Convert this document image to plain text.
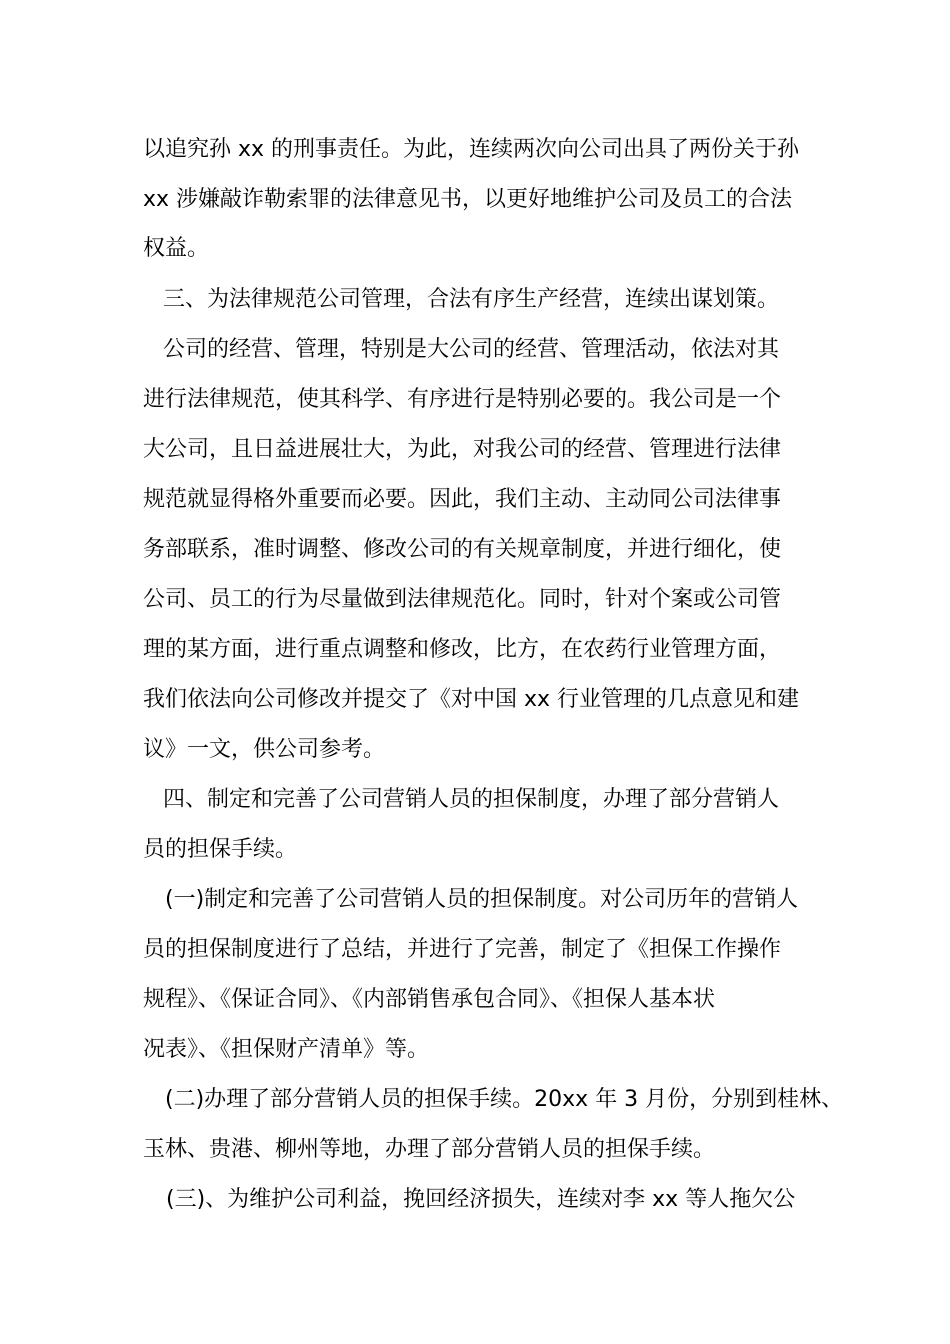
以追究孙 xx 的刑事责任。为此，连续两次向公司出具了两份关于孙
xx 涉嫌敲诈勒索罪的法律意见书，以更好地维护公司及员工的合法
权益。
三、为法律规范公司管理，合法有序生产经营，连续出谋划策。
公司的经营、管理，特别是大公司的经营、管理活动，依法对其
进行法律规范，使其科学、有序进行是特别必要的。我公司是一个
大公司，且日益进展壮大，为此，对我公司的经营、管理进行法律
规范就显得格外重要而必要。因此，我们主动、主动同公司法律事
务部联系，准时调整、修改公司的有关规章制度，并进行细化，使
公司、员工的行为尽量做到法律规范化。同时，针对个案或公司管
理的某方面，进行重点调整和修改，比方，在农药行业管理方面，
我们依法向公司修改并提交了《对中国 xx 行业管理的几点意见和建
议》一文，供公司参考。
四、制定和完善了公司营销人员的担保制度，办理了部分营销人
员的担保手续。
(一)制定和完善了公司营销人员的担保制度。对公司历年的营销人
员的担保制度进行了总结，并进行了完善，制定了《担保工作操作
规程》、《保证合同》、《内部销售承包合同》、《担保人基本状
况表》、《担保财产清单》等。
(二)办理了部分营销人员的担保手续。20xx 年 3 月份，分别到桂林、
玉林、贵港、柳州等地，办理了部分营销人员的担保手续。
(三)、为维护公司利益，挽回经济损失，连续对李 xx 等人拖欠公
